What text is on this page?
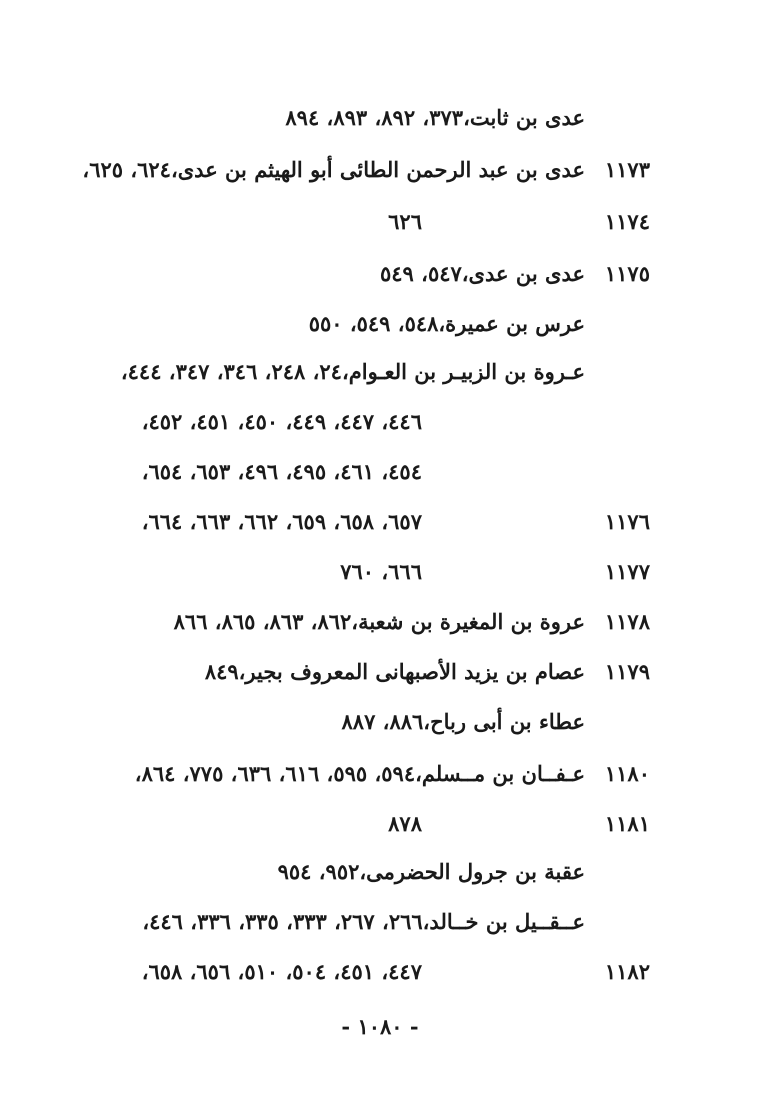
عدى بن ثابت،٣٧٣، ٨٩٢، ٨٩٣، ٨٩٤
١١٧٣
عدى بن عبد الرحمن الطائى أبو الهيثم بن عدى،٦٢٤، ٦٢٥،
١١٧٤
٦٢٦
١١٧٥
عدى بن عدى،٥٤٧، ٥٤٩
عرس بن عميرة،٥٤٨، ٥٤٩، ٥٥٠
عـروة بن الزبيـر بن العـوام،٢٤، ٢٤٨، ٣٤٦، ٣٤٧، ٤٤٤،
٤٤٦، ٤٤٧، ٤٤٩، ٤٥٠، ٤٥١، ٤٥٢،
٤٥٤، ٤٦١، ٤٩٥، ٤٩٦، ٦٥٣، ٦٥٤،
١١٧٦
٦٥٧، ٦٥٨، ٦٥٩، ٦٦٢، ٦٦٣، ٦٦٤،
١١٧٧
٦٦٦، ٧٦٠
١١٧٨
عروة بن المغيرة بن شعبة،٨٦٢، ٨٦٣، ٨٦٥، ٨٦٦
١١٧٩
عصام بن يزيد الأصبهانى المعروف بجير،٨٤٩
عطاء بن أبى رباح،٨٨٦، ٨٨٧
١١٨٠
عـفــان بن مــسلم،٥٩٤، ٥٩٥، ٦١٦، ٦٣٦، ٧٧٥، ٨٦٤،
١١٨١
٨٧٨
عقبة بن جرول الحضرمى،٩٥٢، ٩٥٤
عــقــيل بن خــالد،٢٦٦، ٢٦٧، ٣٣٣، ٣٣٥، ٣٣٦، ٤٤٦،
١١٨٢
٤٤٧، ٤٥١، ٥٠٤، ٥١٠، ٦٥٦، ٦٥٨،
- ١٠٨٠ -
